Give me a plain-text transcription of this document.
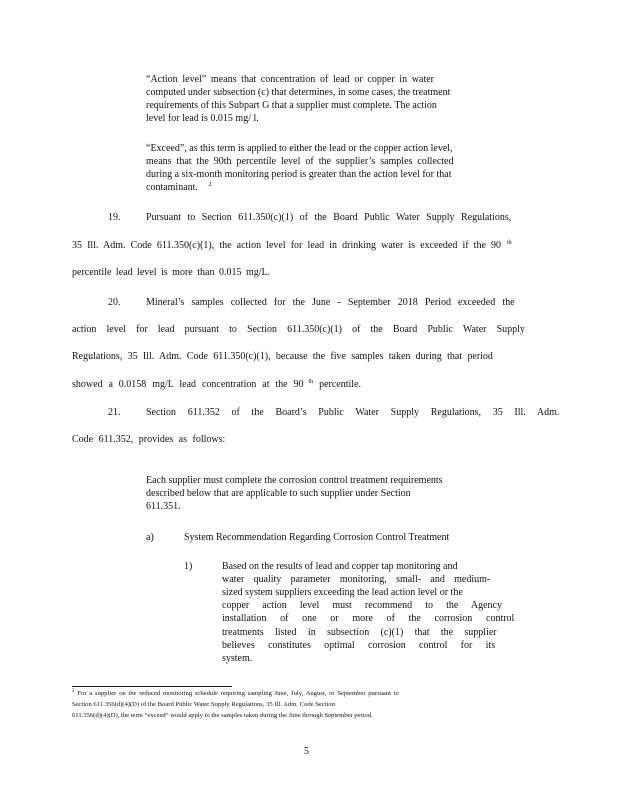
“Action level” means that concentration of lead or copper in water
computed under subsection (c) that determines, in some cases, the treatment
requirements of this Subpart G that a supplier must complete. The action
level for lead is 0.015 mg/ l.
“Exceed”, as this term is applied to either the lead or the copper action level,
means that the 90th percentile level of the supplier’s samples collected
during a six-month monitoring period is greater than the action level for that
contaminant. $^2$
19.	Pursuant to Section 611.350(c)(1) of the Board Public Water Supply Regulations,
35 Ill. Adm. Code 611.350(c)(1), the action level for lead in drinking water is exceeded if the 90 $^{th}$
percentile lead level is more than 0.015 mg/L.
20.	Mineral’s samples collected for the June - September 2018 Period exceeded the
action level for lead pursuant to Section 611.350(c)(1) of the Board Public Water Supply
Regulations, 35 Ill. Adm. Code 611.350(c)(1), because the five samples taken during that period
showed a 0.0158 mg/L lead concentration at the 90 $^{th}$ percentile.
21.	Section 611.352 of the Board’s Public Water Supply Regulations, 35 Ill. Adm.
Code 611.352, provides as follows:
Each supplier must complete the corrosion control treatment requirements
described below that are applicable to such supplier under Section
611.351.
a)	System Recommendation Regarding Corrosion Control Treatment
1)	Based on the results of lead and copper tap monitoring and
water quality parameter monitoring, small- and medium-
sized system suppliers exceeding the lead action level or the
copper action level must recommend to the Agency
installation of one or more of the corrosion control
treatments listed in subsection (c)(1) that the supplier
believes constitutes optimal corrosion control for its
system.
$^2$ For a supplier on the reduced monitoring schedule requiring sampling June, July, August, or September pursuant to
Section 611.356(d)(4)(D) of the Board Public Water Supply Regulations, 35 Ill. Adm. Code Section
611.356(d)(4)(D), the term “exceed” would apply to the samples taken during the June through September period.
5
